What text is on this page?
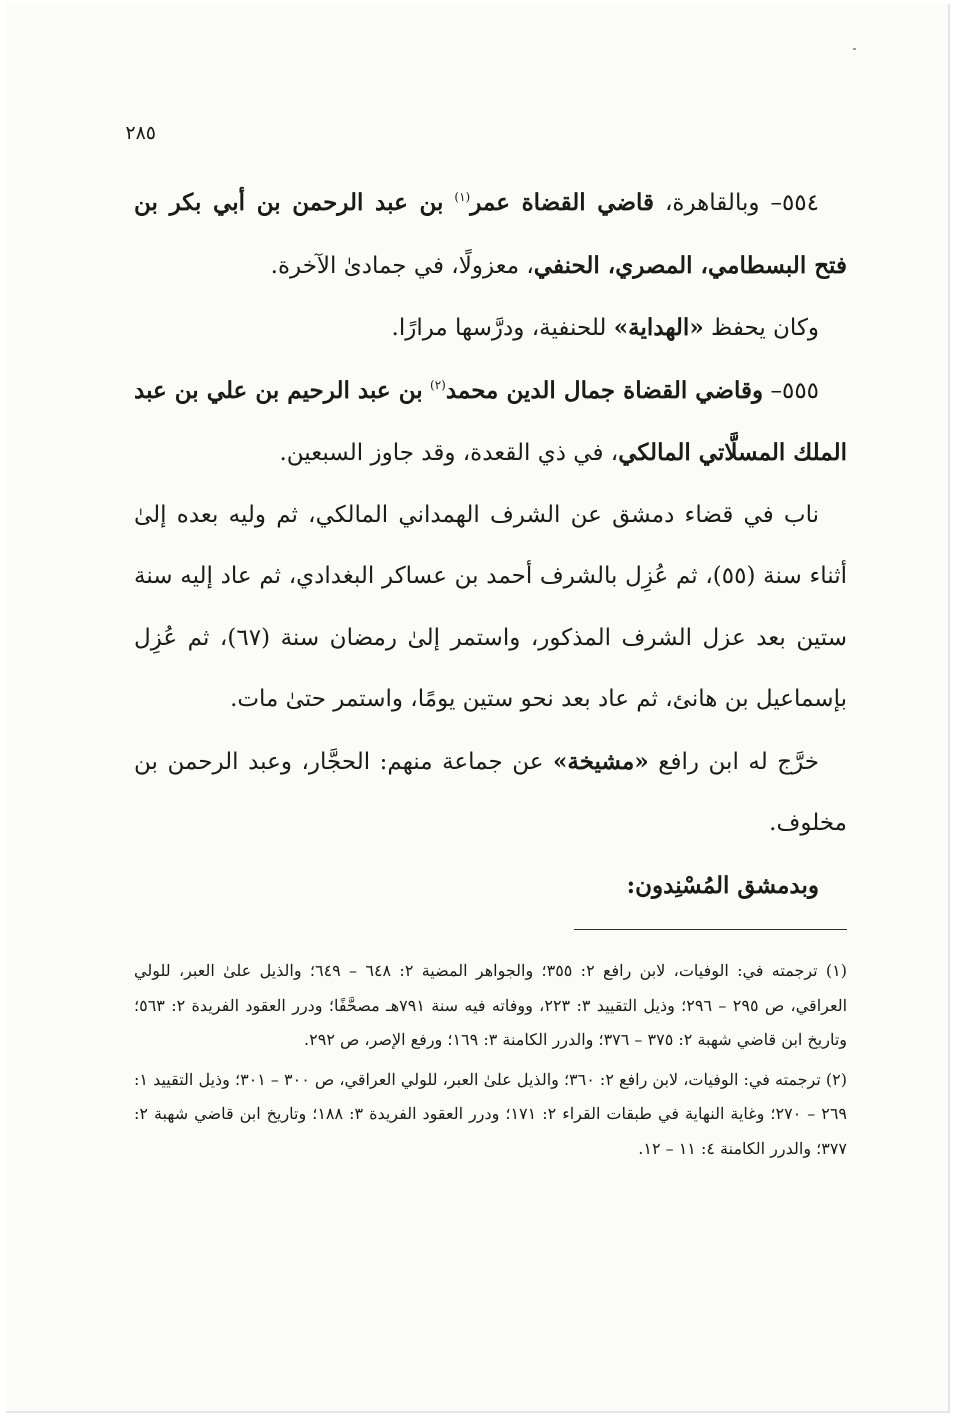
٢٨٥

٥٥٤– وبالقاهرة، قاضي القضاة عمر$^{(١)}$ بن عبد الرحمن بن أبي بكر بن فتح البسطامي، المصري، الحنفي، معزولًا، في جمادىٰ الآخرة.

وكان يحفظ «الهداية» للحنفية، ودرَّسها مرارًا.

٥٥٥– وقاضي القضاة جمال الدين محمد$^{(٢)}$ بن عبد الرحيم بن علي بن عبد الملك المسلَّاتي المالكي، في ذي القعدة، وقد جاوز السبعين.

ناب في قضاء دمشق عن الشرف الهمداني المالكي، ثم وليه بعده إلىٰ أثناء سنة (٥٥)، ثم عُزِل بالشرف أحمد بن عساكر البغدادي، ثم عاد إليه سنة ستين بعد عزل الشرف المذكور، واستمر إلىٰ رمضان سنة (٦٧)، ثم عُزِل بإسماعيل بن هانئ، ثم عاد بعد نحو ستين يومًا، واستمر حتىٰ مات.

خرَّج له ابن رافع «مشيخة» عن جماعة منهم: الحجَّار، وعبد الرحمن بن مخلوف.

وبدمشق المُسْنِدون:

(١) ترجمته في: الوفيات، لابن رافع ٢: ٣٥٥؛ والجواهر المضية ٢: ٦٤٨ – ٦٤٩؛ والذيل علىٰ العبر، للولي العراقي، ص ٢٩٥ – ٢٩٦؛ وذيل التقييد ٣: ٢٢٣، ووفاته فيه سنة ٧٩١هـ مصحَّفًا؛ ودرر العقود الفريدة ٢: ٥٦٣؛ وتاريخ ابن قاضي شهبة ٢: ٣٧٥ – ٣٧٦؛ والدرر الكامنة ٣: ١٦٩؛ ورفع الإصر، ص ٢٩٢.

(٢) ترجمته في: الوفيات، لابن رافع ٢: ٣٦٠؛ والذيل علىٰ العبر، للولي العراقي، ص ٣٠٠ – ٣٠١؛ وذيل التقييد ١: ٢٦٩ – ٢٧٠؛ وغاية النهاية في طبقات القراء ٢: ١٧١؛ ودرر العقود الفريدة ٣: ١٨٨؛ وتاريخ ابن قاضي شهبة ٢: ٣٧٧؛ والدرر الكامنة ٤: ١١ – ١٢.
